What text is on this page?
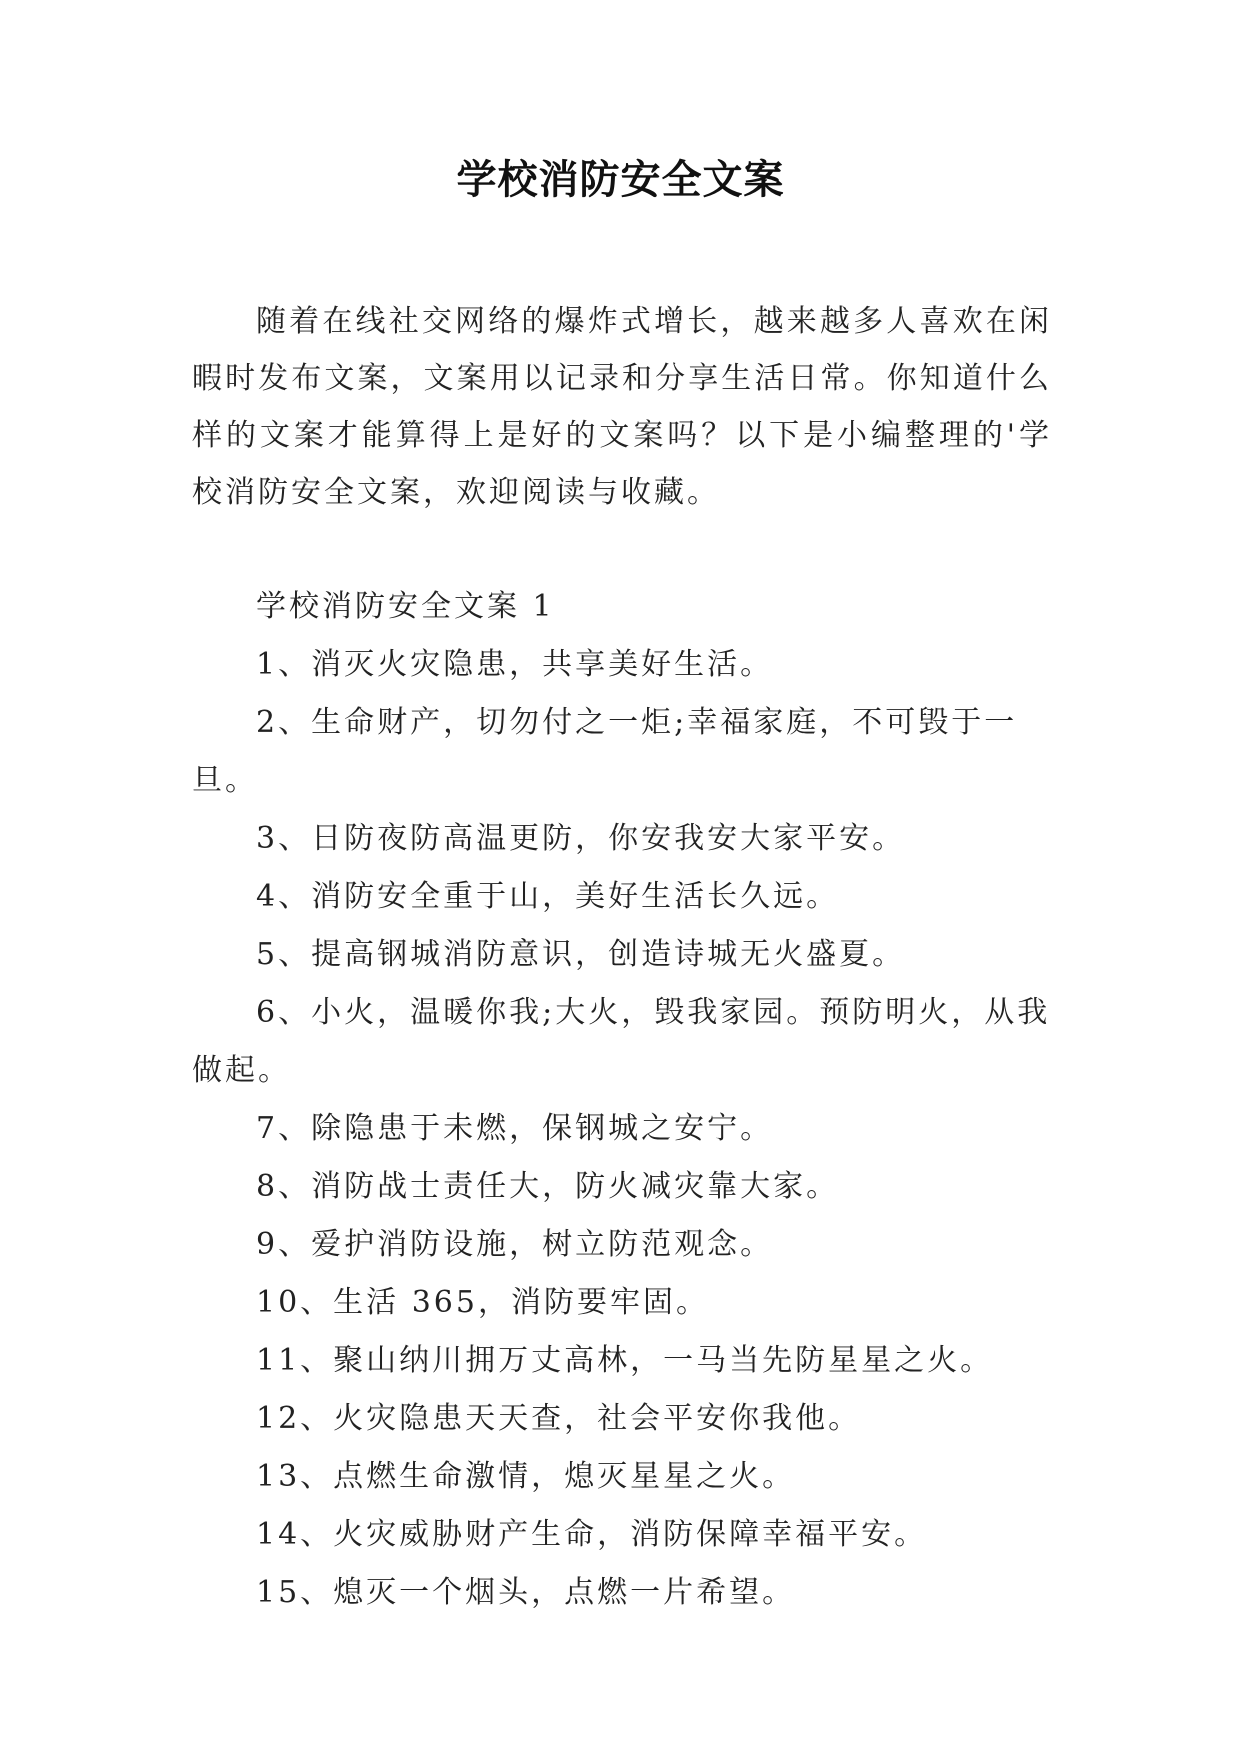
学校消防安全文案

随着在线社交网络的爆炸式增长，越来越多人喜欢在闲暇时发布文案，文案用以记录和分享生活日常。你知道什么样的文案才能算得上是好的文案吗？以下是小编整理的'学校消防安全文案，欢迎阅读与收藏。

学校消防安全文案 1
1、消灭火灾隐患，共享美好生活。
2、生命财产，切勿付之一炬;幸福家庭，不可毁于一旦。
3、日防夜防高温更防，你安我安大家平安。
4、消防安全重于山，美好生活长久远。
5、提高钢城消防意识，创造诗城无火盛夏。
6、小火，温暖你我;大火，毁我家园。预防明火，从我做起。
7、除隐患于未燃，保钢城之安宁。
8、消防战士责任大，防火减灾靠大家。
9、爱护消防设施，树立防范观念。
10、生活 365，消防要牢固。
11、聚山纳川拥万丈高林，一马当先防星星之火。
12、火灾隐患天天查，社会平安你我他。
13、点燃生命激情，熄灭星星之火。
14、火灾威胁财产生命，消防保障幸福平安。
15、熄灭一个烟头，点燃一片希望。
